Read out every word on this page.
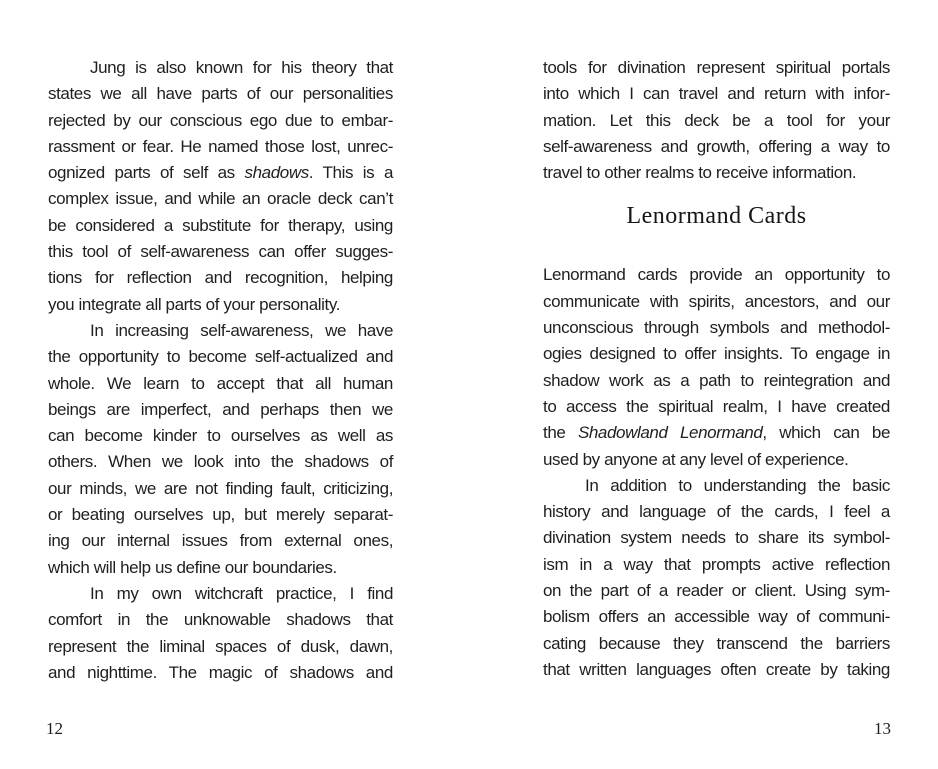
Jung is also known for his theory that
states we all have parts of our personalities
rejected by our conscious ego due to embar-
rassment or fear. He named those lost, unrec-
ognized parts of self as shadows. This is a
complex issue, and while an oracle deck can’t
be considered a substitute for therapy, using
this tool of self-awareness can offer sugges-
tions for reflection and recognition, helping
you integrate all parts of your personality.
In increasing self-awareness, we have
the opportunity to become self-actualized and
whole. We learn to accept that all human
beings are imperfect, and perhaps then we
can become kinder to ourselves as well as
others. When we look into the shadows of
our minds, we are not finding fault, criticizing,
or beating ourselves up, but merely separat-
ing our internal issues from external ones,
which will help us define our boundaries.
In my own witchcraft practice, I find
comfort in the unknowable shadows that
represent the liminal spaces of dusk, dawn,
and nighttime. The magic of shadows and
tools for divination represent spiritual portals
into which I can travel and return with infor-
mation. Let this deck be a tool for your
self-awareness and growth, offering a way to
travel to other realms to receive information.
Lenormand Cards
Lenormand cards provide an opportunity to
communicate with spirits, ancestors, and our
unconscious through symbols and methodol-
ogies designed to offer insights. To engage in
shadow work as a path to reintegration and
to access the spiritual realm, I have created
the Shadowland Lenormand, which can be
used by anyone at any level of experience.
In addition to understanding the basic
history and language of the cards, I feel a
divination system needs to share its symbol-
ism in a way that prompts active reflection
on the part of a reader or client. Using sym-
bolism offers an accessible way of communi-
cating because they transcend the barriers
that written languages often create by taking
12	13
